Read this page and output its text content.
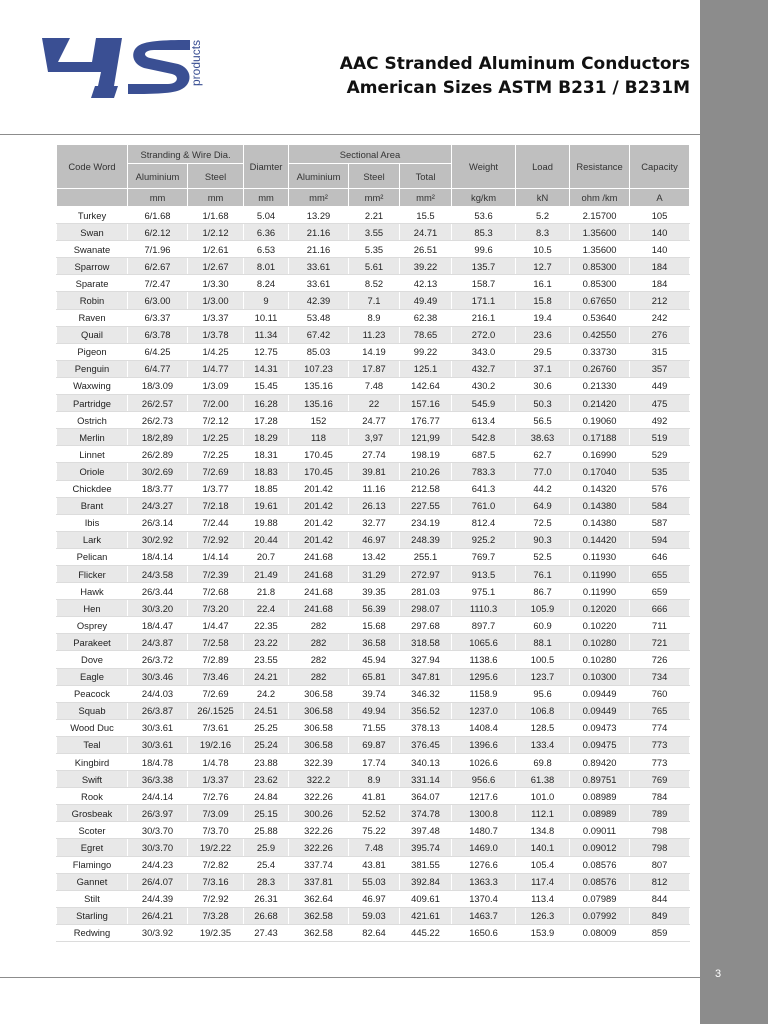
3
products	AAC Stranded Aluminum Conductors
American Sizes ASTM B231 / B231M
Code Word	Stranding & Wire Dia.		Diamter	Sectional Area			Weight	Load	Resistance	Capacity
	Aluminium	Steel		Aluminium	Steel	Total				
	mm	mm	mm	mm²	mm²	mm²	kg/km	kN	ohm /km	A
Turkey	6/1.68	1/1.68	5.04	13.29	2.21	15.5	53.6	5.2	2.15700	105
Swan	6/2.12	1/2.12	6.36	21.16	3.55	24.71	85.3	8.3	1.35600	140
Swanate	7/1.96	1/2.61	6.53	21.16	5.35	26.51	99.6	10.5	1.35600	140
Sparrow	6/2.67	1/2.67	8.01	33.61	5.61	39.22	135.7	12.7	0.85300	184
Sparate	7/2.47	1/3.30	8.24	33.61	8.52	42.13	158.7	16.1	0.85300	184
Robin	6/3.00	1/3.00	9	42.39	7.1	49.49	171.1	15.8	0.67650	212
Raven	6/3.37	1/3.37	10.11	53.48	8.9	62.38	216.1	19.4	0.53640	242
Quail	6/3.78	1/3.78	11.34	67.42	11.23	78.65	272.0	23.6	0.42550	276
Pigeon	6/4.25	1/4.25	12.75	85.03	14.19	99.22	343.0	29.5	0.33730	315
Penguin	6/4.77	1/4.77	14.31	107.23	17.87	125.1	432.7	37.1	0.26760	357
Waxwing	18/3.09	1/3.09	15.45	135.16	7.48	142.64	430.2	30.6	0.21330	449
Partridge	26/2.57	7/2.00	16.28	135.16	22	157.16	545.9	50.3	0.21420	475
Ostrich	26/2.73	7/2.12	17.28	152	24.77	176.77	613.4	56.5	0.19060	492
Merlin	18/2,89	1/2.25	18.29	118	3,97	121,99	542.8	38.63	0.17188	519
Linnet	26/2.89	7/2.25	18.31	170.45	27.74	198.19	687.5	62.7	0.16990	529
Oriole	30/2.69	7/2.69	18.83	170.45	39.81	210.26	783.3	77.0	0.17040	535
Chickdee	18/3.77	1/3.77	18.85	201.42	11.16	212.58	641.3	44.2	0.14320	576
Brant	24/3.27	7/2.18	19.61	201.42	26.13	227.55	761.0	64.9	0.14380	584
Ibis	26/3.14	7/2.44	19.88	201.42	32.77	234.19	812.4	72.5	0.14380	587
Lark	30/2.92	7/2.92	20.44	201.42	46.97	248.39	925.2	90.3	0.14420	594
Pelican	18/4.14	1/4.14	20.7	241.68	13.42	255.1	769.7	52.5	0.11930	646
Flicker	24/3.58	7/2.39	21.49	241.68	31.29	272.97	913.5	76.1	0.11990	655
Hawk	26/3.44	7/2.68	21.8	241.68	39.35	281.03	975.1	86.7	0.11990	659
Hen	30/3.20	7/3.20	22.4	241.68	56.39	298.07	1110.3	105.9	0.12020	666
Osprey	18/4.47	1/4.47	22.35	282	15.68	297.68	897.7	60.9	0.10220	711
Parakeet	24/3.87	7/2.58	23.22	282	36.58	318.58	1065.6	88.1	0.10280	721
Dove	26/3.72	7/2.89	23.55	282	45.94	327.94	1138.6	100.5	0.10280	726
Eagle	30/3.46	7/3.46	24.21	282	65.81	347.81	1295.6	123.7	0.10300	734
Peacock	24/4.03	7/2.69	24.2	306.58	39.74	346.32	1158.9	95.6	0.09449	760
Squab	26/3.87	26/.1525	24.51	306.58	49.94	356.52	1237.0	106.8	0.09449	765
Wood Duc	30/3.61	7/3.61	25.25	306.58	71.55	378.13	1408.4	128.5	0.09473	774
Teal	30/3.61	19/2.16	25.24	306.58	69.87	376.45	1396.6	133.4	0.09475	773
Kingbird	18/4.78	1/4.78	23.88	322.39	17.74	340.13	1026.6	69.8	0.89420	773
Swift	36/3.38	1/3.37	23.62	322.2	8.9	331.14	956.6	61.38	0.89751	769
Rook	24/4.14	7/2.76	24.84	322.26	41.81	364.07	1217.6	101.0	0.08989	784
Grosbeak	26/3.97	7/3.09	25.15	300.26	52.52	374.78	1300.8	112.1	0.08989	789
Scoter	30/3.70	7/3.70	25.88	322.26	75.22	397.48	1480.7	134.8	0.09011	798
Egret	30/3.70	19/2.22	25.9	322.26	7.48	395.74	1469.0	140.1	0.09012	798
Flamingo	24/4.23	7/2.82	25.4	337.74	43.81	381.55	1276.6	105.4	0.08576	807
Gannet	26/4.07	7/3.16	28.3	337.81	55.03	392.84	1363.3	117.4	0.08576	812
Stilt	24/4.39	7/2.92	26.31	362.64	46.97	409.61	1370.4	113.4	0.07989	844
Starling	26/4.21	7/3.28	26.68	362.58	59.03	421.61	1463.7	126.3	0.07992	849
Redwing	30/3.92	19/2.35	27.43	362.58	82.64	445.22	1650.6	153.9	0.08009	859
